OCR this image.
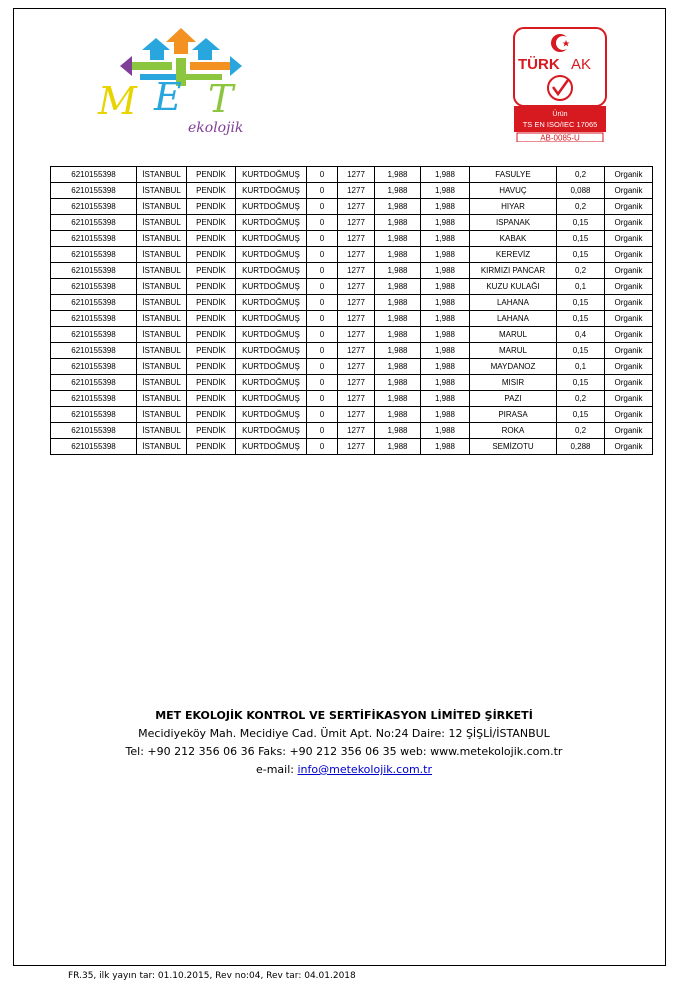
M E T
ekolojik
TÜRK AK
Ürün
TS EN ISO/IEC 17065
AB-0085-U
6210155398	İSTANBUL	PENDİK	KURTDOĞMUŞ	0	1277	1,988	1,988	FASULYE	0,2	Organik
6210155398	İSTANBUL	PENDİK	KURTDOĞMUŞ	0	1277	1,988	1,988	HAVUÇ	0,088	Organik
6210155398	İSTANBUL	PENDİK	KURTDOĞMUŞ	0	1277	1,988	1,988	HIYAR	0,2	Organik
6210155398	İSTANBUL	PENDİK	KURTDOĞMUŞ	0	1277	1,988	1,988	ISPANAK	0,15	Organik
6210155398	İSTANBUL	PENDİK	KURTDOĞMUŞ	0	1277	1,988	1,988	KABAK	0,15	Organik
6210155398	İSTANBUL	PENDİK	KURTDOĞMUŞ	0	1277	1,988	1,988	KEREVİZ	0,15	Organik
6210155398	İSTANBUL	PENDİK	KURTDOĞMUŞ	0	1277	1,988	1,988	KIRMIZI PANCAR	0,2	Organik
6210155398	İSTANBUL	PENDİK	KURTDOĞMUŞ	0	1277	1,988	1,988	KUZU KULAĞI	0,1	Organik
6210155398	İSTANBUL	PENDİK	KURTDOĞMUŞ	0	1277	1,988	1,988	LAHANA	0,15	Organik
6210155398	İSTANBUL	PENDİK	KURTDOĞMUŞ	0	1277	1,988	1,988	LAHANA	0,15	Organik
6210155398	İSTANBUL	PENDİK	KURTDOĞMUŞ	0	1277	1,988	1,988	MARUL	0,4	Organik
6210155398	İSTANBUL	PENDİK	KURTDOĞMUŞ	0	1277	1,988	1,988	MARUL	0,15	Organik
6210155398	İSTANBUL	PENDİK	KURTDOĞMUŞ	0	1277	1,988	1,988	MAYDANOZ	0,1	Organik
6210155398	İSTANBUL	PENDİK	KURTDOĞMUŞ	0	1277	1,988	1,988	MISIR	0,15	Organik
6210155398	İSTANBUL	PENDİK	KURTDOĞMUŞ	0	1277	1,988	1,988	PAZI	0,2	Organik
6210155398	İSTANBUL	PENDİK	KURTDOĞMUŞ	0	1277	1,988	1,988	PIRASA	0,15	Organik
6210155398	İSTANBUL	PENDİK	KURTDOĞMUŞ	0	1277	1,988	1,988	ROKA	0,2	Organik
6210155398	İSTANBUL	PENDİK	KURTDOĞMUŞ	0	1277	1,988	1,988	SEMİZOTU	0,288	Organik
MET EKOLOJİK KONTROL VE SERTİFİKASYON LİMİTED ŞİRKETİ
Mecidiyeköy Mah. Mecidiye Cad. Ümit Apt. No:24 Daire: 12 ŞİŞLİ/İSTANBUL
Tel: +90 212 356 06 36 Faks: +90 212 356 06 35 web: www.metekolojik.com.tr
e-mail: info@metekolojik.com.tr
FR.35, ilk yayın tar: 01.10.2015, Rev no:04, Rev tar: 04.01.2018
